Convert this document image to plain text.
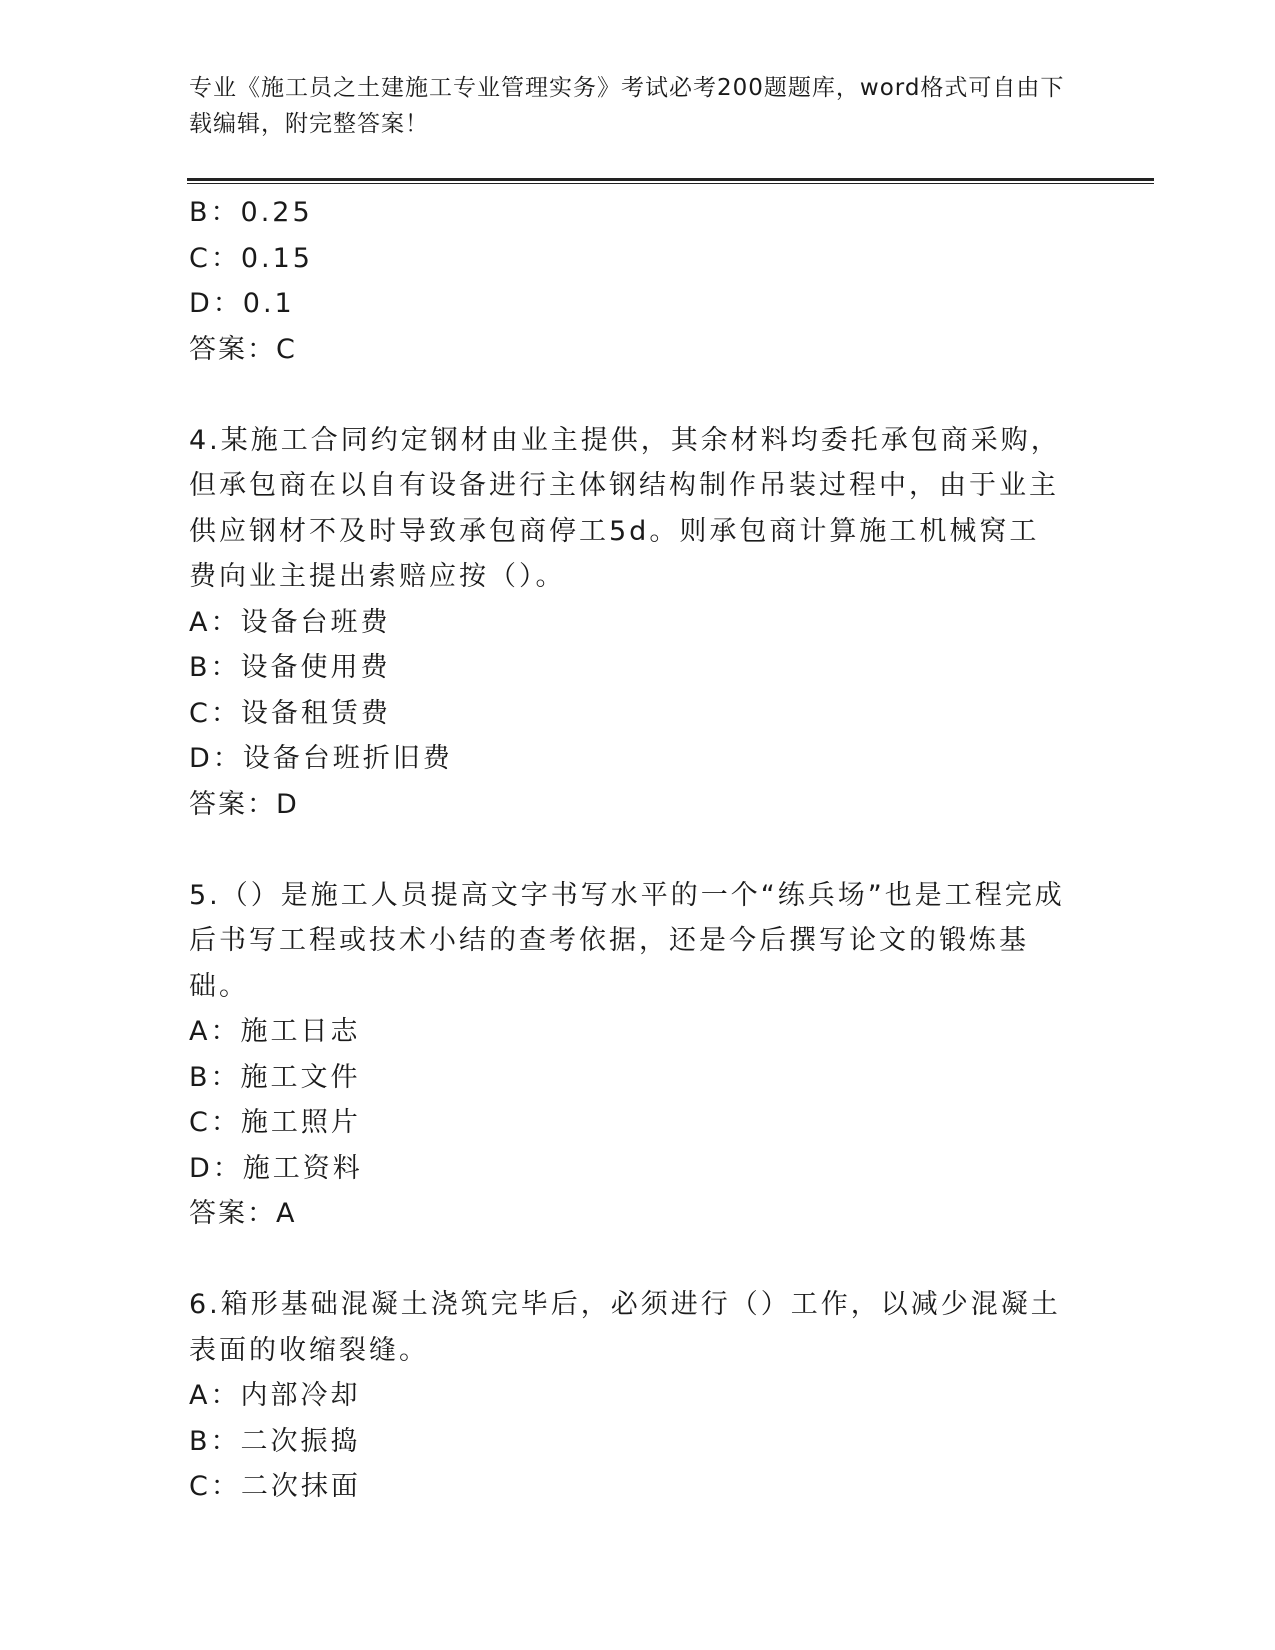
专业《施工员之土建施工专业管理实务》考试必考200题题库，word格式可自由下载编辑，附完整答案！
B：0.25
C：0.15
D：0.1
答案：C
4.某施工合同约定钢材由业主提供，其余材料均委托承包商采购，但承包商在以自有设备进行主体钢结构制作吊装过程中，由于业主供应钢材不及时导致承包商停工5d。则承包商计算施工机械窝工费向业主提出索赔应按（）。
A：设备台班费
B：设备使用费
C：设备租赁费
D：设备台班折旧费
答案：D
5.（）是施工人员提高文字书写水平的一个“练兵场”也是工程完成后书写工程或技术小结的查考依据，还是今后撰写论文的锻炼基础。
A：施工日志
B：施工文件
C：施工照片
D：施工资料
答案：A
6.箱形基础混凝土浇筑完毕后，必须进行（）工作，以减少混凝土表面的收缩裂缝。
A：内部冷却
B：二次振捣
C：二次抹面
